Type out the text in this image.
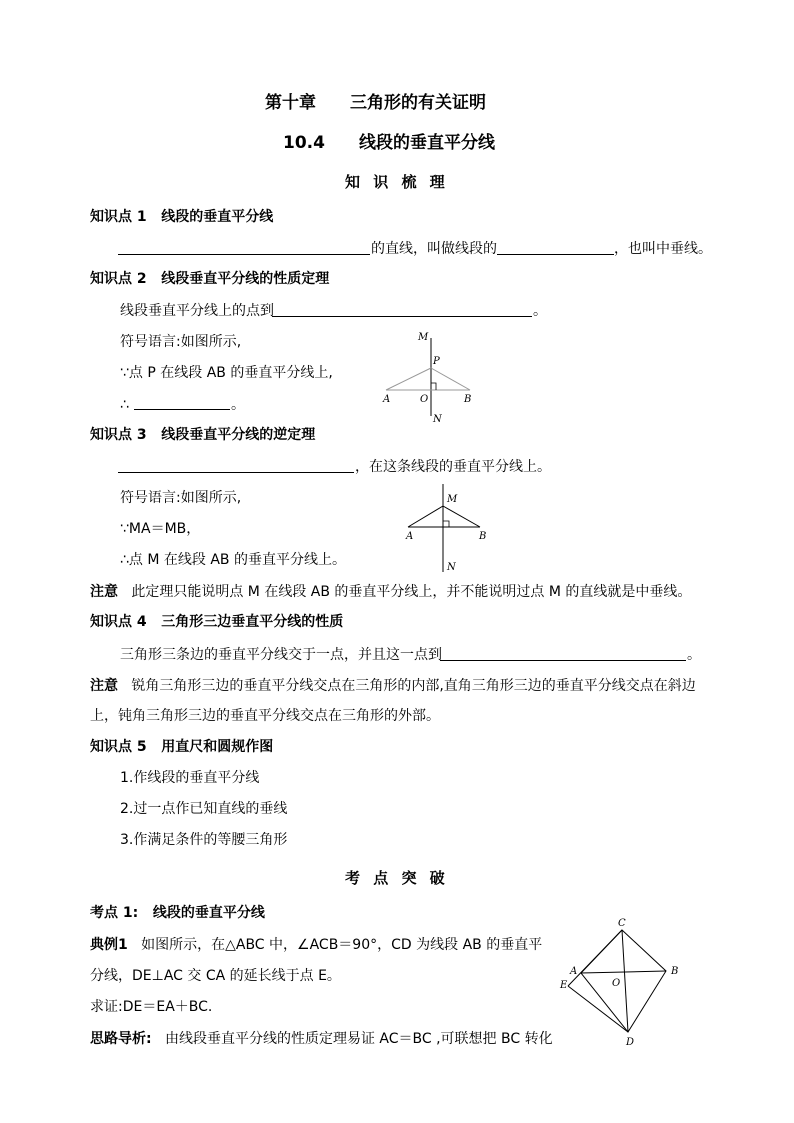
第十章　　三角形的有关证明
10.4　　线段的垂直平分线
知 识 梳 理
知识点 1 线段的垂直平分线
的直线，叫做线段的	，也叫中垂线。
知识点 2 线段垂直平分线的性质定理
线段垂直平分线上的点到	。
符号语言:如图所示,
∵点 P 在线段 AB 的垂直平分线上,
∴	。
M
P
A	O	B
N
知识点 3 线段垂直平分线的逆定理
，在这条线段的垂直平分线上。
符号语言:如图所示,
∵MA＝MB，
∴点 M 在线段 AB 的垂直平分线上。
M
A	B
N
注意 此定理只能说明点 M 在线段 AB 的垂直平分线上，并不能说明过点 M 的直线就是中垂线。
知识点 4 三角形三边垂直平分线的性质
三角形三条边的垂直平分线交于一点，并且这一点到	。
注意 锐角三角形三边的垂直平分线交点在三角形的内部,直角三角形三边的垂直平分线交点在斜边
上，钝角三角形三边的垂直平分线交点在三角形的外部。
知识点 5 用直尺和圆规作图
1.作线段的垂直平分线
2.过一点作已知直线的垂线
3.作满足条件的等腰三角形
考 点 突 破
考点 1: 线段的垂直平分线
典例1 如图所示，在△ABC 中，∠ACB＝90°，CD 为线段 AB 的垂直平
分线，DE⊥AC 交 CA 的延长线于点 E。
求证:DE＝EA＋BC.
思路导析: 由线段垂直平分线的性质定理易证 AC＝BC ,可联想把 BC 转化
C
A	B
E	O
D
